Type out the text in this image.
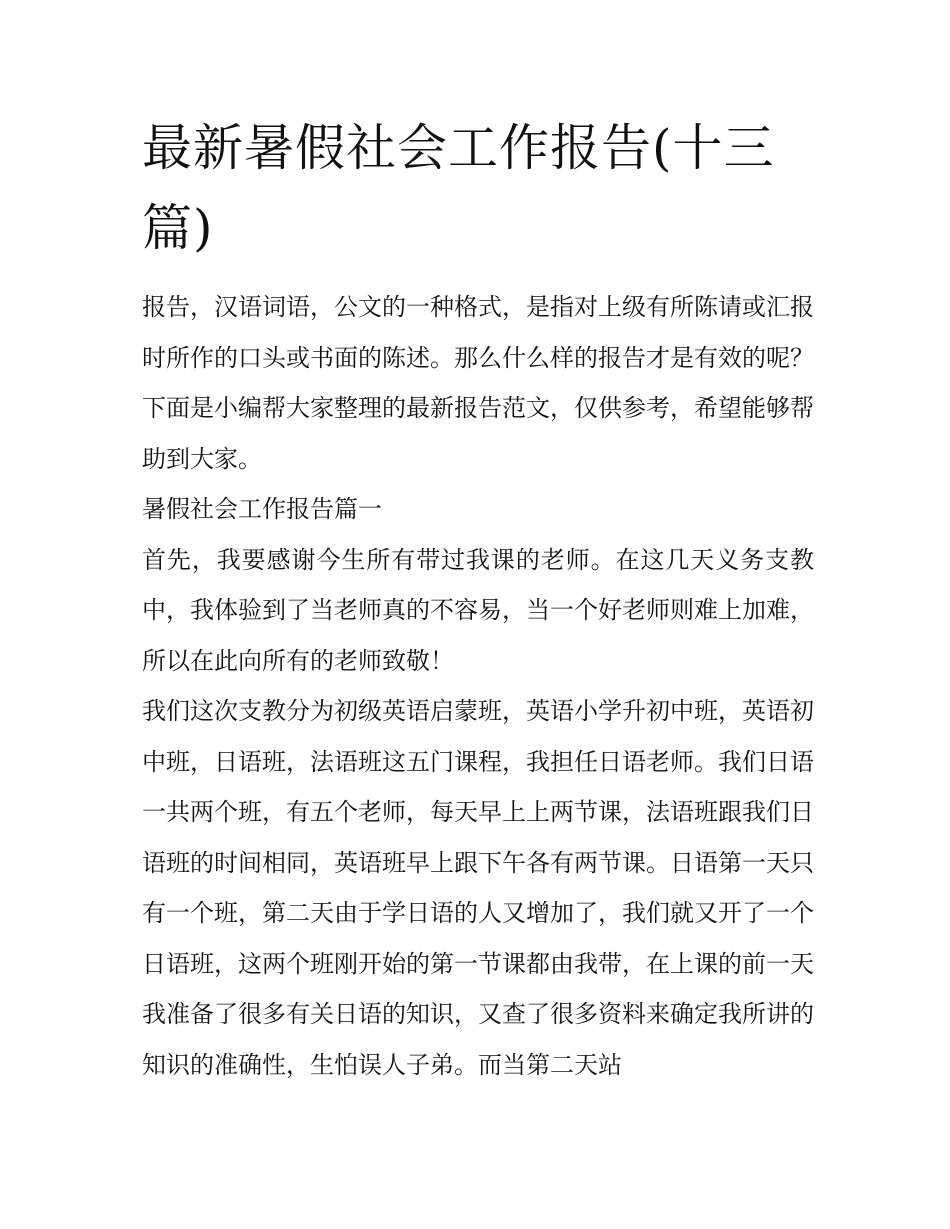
最新暑假社会工作报告(十三篇)

报告，汉语词语，公文的一种格式，是指对上级有所陈请或汇报时所作的口头或书面的陈述。那么什么样的报告才是有效的呢？下面是小编帮大家整理的最新报告范文，仅供参考，希望能够帮助到大家。

暑假社会工作报告篇一

首先，我要感谢今生所有带过我课的老师。在这几天义务支教中，我体验到了当老师真的不容易，当一个好老师则难上加难，所以在此向所有的老师致敬！

我们这次支教分为初级英语启蒙班，英语小学升初中班，英语初中班，日语班，法语班这五门课程，我担任日语老师。我们日语一共两个班，有五个老师，每天早上上两节课，法语班跟我们日语班的时间相同，英语班早上跟下午各有两节课。日语第一天只有一个班，第二天由于学日语的人又增加了，我们就又开了一个日语班，这两个班刚开始的第一节课都由我带，在上课的前一天我准备了很多有关日语的知识，又查了很多资料来确定我所讲的知识的准确性，生怕误人子弟。而当第二天站
